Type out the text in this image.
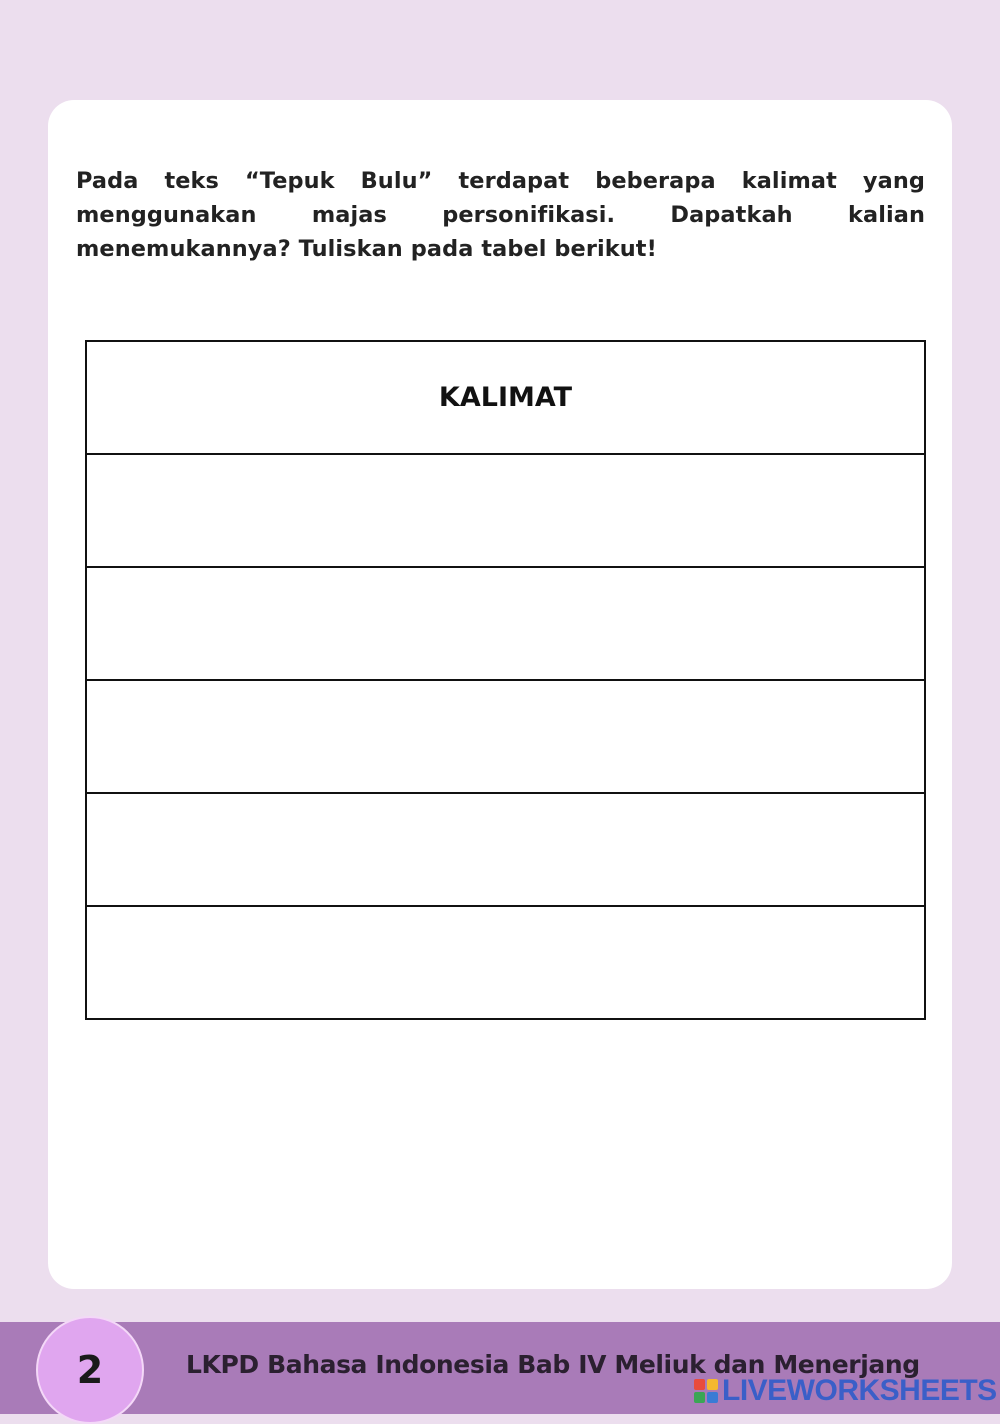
Pada teks “Tepuk Bulu” terdapat beberapa kalimat yang menggunakan majas personifikasi. Dapatkah kalian menemukannya? Tuliskan pada tabel berikut!

KALIMAT

2	LKPD Bahasa Indonesia Bab IV Meliuk dan Menerjang
LIVEWORKSHEETS
